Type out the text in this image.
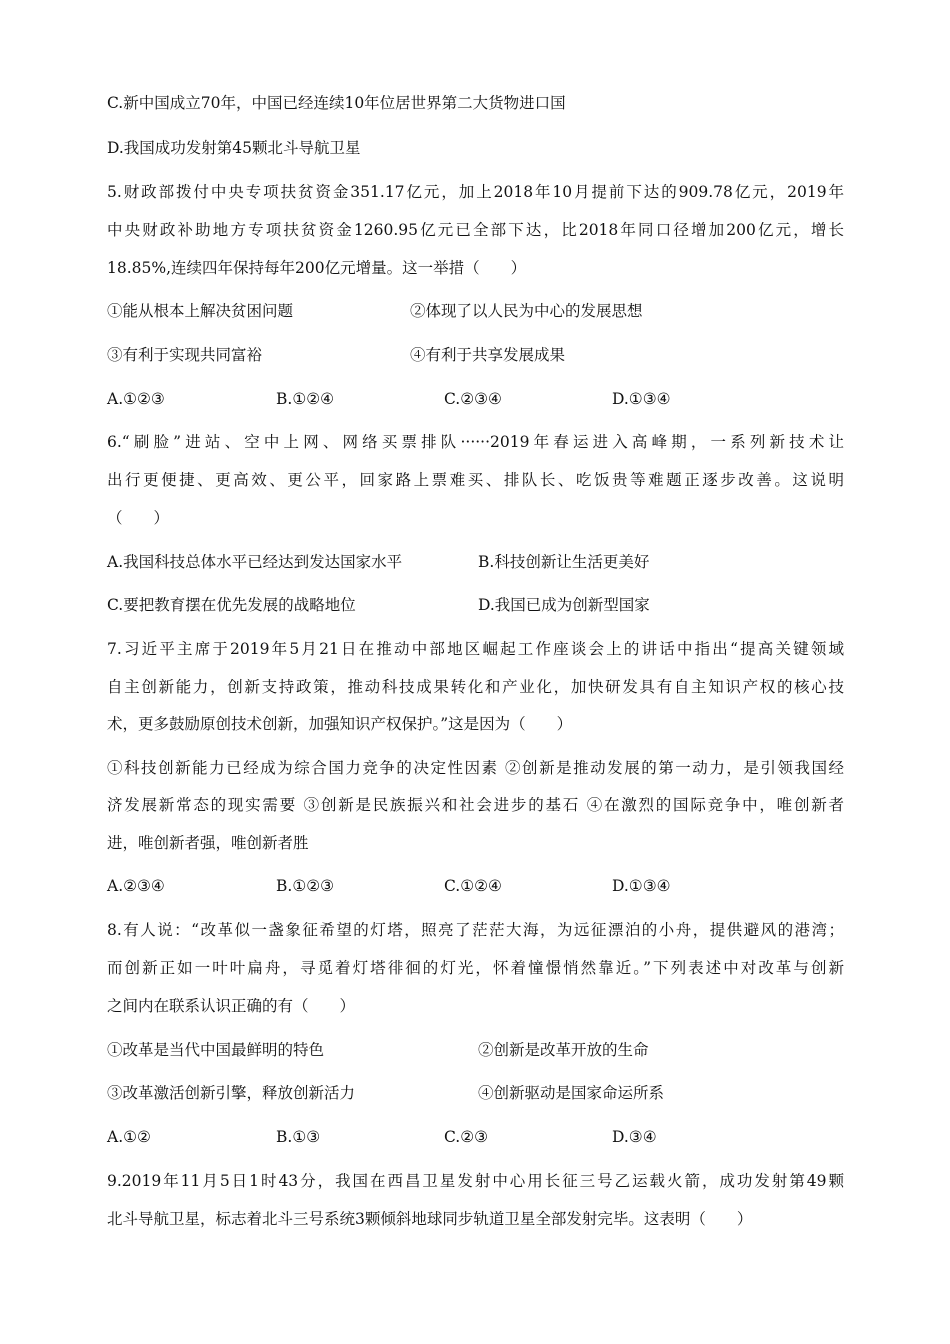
C.新中国成立70年，中国已经连续10年位居世界第二大货物进口国
D.我国成功发射第45颗北斗导航卫星
5.财政部拨付中央专项扶贫资金351.17亿元，加上2018年10月提前下达的909.78亿元，2019年
中央财政补助地方专项扶贫资金1260.95亿元已全部下达，比2018年同口径增加200亿元，增长
18.85%,连续四年保持每年200亿元增量。这一举措（　　）
①能从根本上解决贫困问题	②体现了以人民为中心的发展思想
③有利于实现共同富裕	④有利于共享发展成果
A.①②③	B.①②④	C.②③④	D.①③④
6.“刷脸”进站、空中上网、网络买票排队······2019年春运进入高峰期，一系列新技术让
出行更便捷、更高效、更公平，回家路上票难买、排队长、吃饭贵等难题正逐步改善。这说明
（　　）
A.我国科技总体水平已经达到发达国家水平	B.科技创新让生活更美好
C.要把教育摆在优先发展的战略地位	D.我国已成为创新型国家
7.习近平主席于2019年5月21日在推动中部地区崛起工作座谈会上的讲话中指出“提高关键领域
自主创新能力，创新支持政策，推动科技成果转化和产业化，加快研发具有自主知识产权的核心技
术，更多鼓励原创技术创新，加强知识产权保护。”这是因为（　　）
①科技创新能力已经成为综合国力竞争的决定性因素 ②创新是推动发展的第一动力，是引领我国经
济发展新常态的现实需要 ③创新是民族振兴和社会进步的基石 ④在激烈的国际竞争中，唯创新者
进，唯创新者强，唯创新者胜
A.②③④	B.①②③	C.①②④	D.①③④
8.有人说：“改革似一盏象征希望的灯塔，照亮了茫茫大海，为远征漂泊的小舟，提供避风的港湾；
而创新正如一叶叶扁舟，寻觅着灯塔徘徊的灯光，怀着憧憬悄然靠近。”下列表述中对改革与创新
之间内在联系认识正确的有（　　）
①改革是当代中国最鲜明的特色	②创新是改革开放的生命
③改革激活创新引擎，释放创新活力	④创新驱动是国家命运所系
A.①②	B.①③	C.②③	D.③④
9.2019年11月5日1时43分，我国在西昌卫星发射中心用长征三号乙运载火箭，成功发射第49颗
北斗导航卫星，标志着北斗三号系统3颗倾斜地球同步轨道卫星全部发射完毕。这表明（　　）
